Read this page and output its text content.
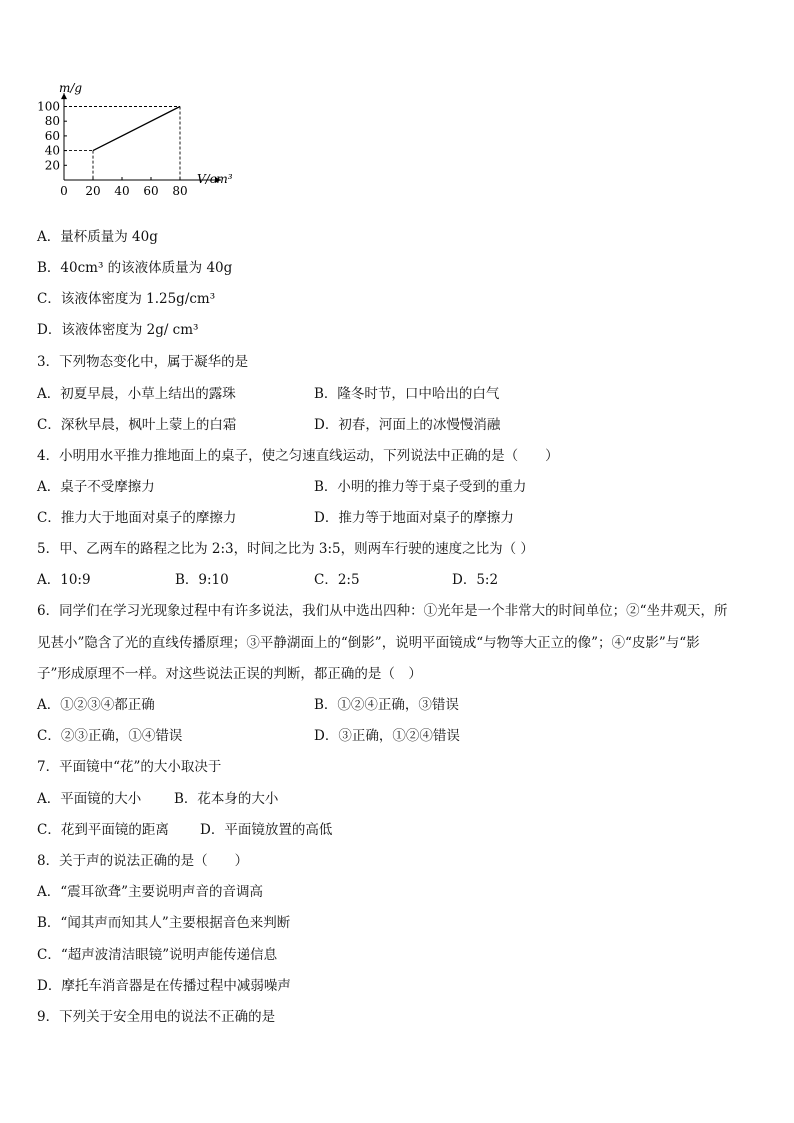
0 20 40 60 80
20
40
60
80
100
m/g
V/cm³
A．量杯质量为 40g
B．40cm³ 的该液体质量为 40g
C．该液体密度为 1.25g/cm³
D．该液体密度为 2g/ cm³
3．下列物态变化中，属于凝华的是
A．初夏早晨，小草上结出的露珠	B．隆冬时节，口中哈出的白气
C．深秋早晨，枫叶上蒙上的白霜	D．初春，河面上的冰慢慢消融
4．小明用水平推力推地面上的桌子，使之匀速直线运动，下列说法中正确的是（　　）
A．桌子不受摩擦力	B．小明的推力等于桌子受到的重力
C．推力大于地面对桌子的摩擦力	D．推力等于地面对桌子的摩擦力
5．甲、乙两车的路程之比为 2:3，时间之比为 3:5，则两车行驶的速度之比为（ ）
A．10:9	B．9:10	C．2:5	D．5:2
6．同学们在学习光现象过程中有许多说法，我们从中选出四种：①光年是一个非常大的时间单位；②“坐井观天，所
见甚小”隐含了光的直线传播原理；③平静湖面上的“倒影”，说明平面镜成“与物等大正立的像”；④“皮影”与“影
子”形成原理不一样。对这些说法正误的判断，都正确的是（　）
A．①②③④都正确	B．①②④正确，③错误
C．②③正确，①④错误	D．③正确，①②④错误
7．平面镜中“花”的大小取决于
A．平面镜的大小 B．花本身的大小
C．花到平面镜的距离 D．平面镜放置的高低
8．关于声的说法正确的是（　　）
A．“震耳欲聋”主要说明声音的音调高
B．“闻其声而知其人”主要根据音色来判断
C．“超声波清洁眼镜”说明声能传递信息
D．摩托车消音器是在传播过程中减弱噪声
9．下列关于安全用电的说法不正确的是
